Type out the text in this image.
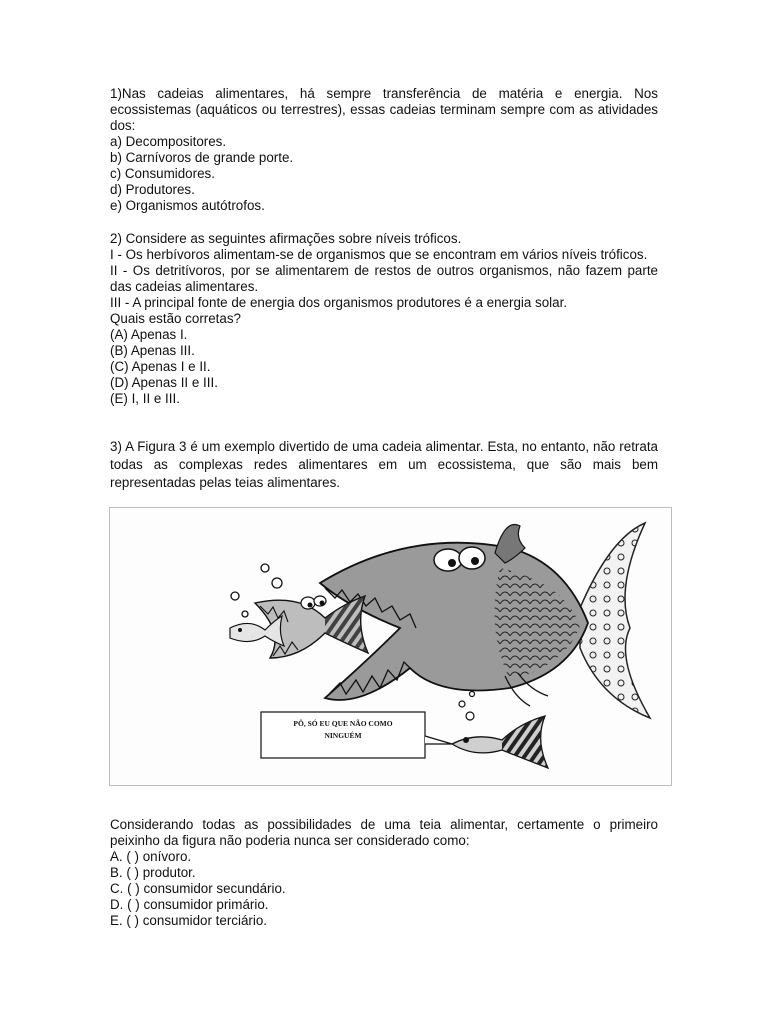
1)Nas cadeias alimentares, há sempre transferência de matéria e energia. Nos ecossistemas (aquáticos ou terrestres), essas cadeias terminam sempre com as atividades dos:

a) Decompositores.

b) Carnívoros de grande porte.

c) Consumidores.

d) Produtores.

e) Organismos autótrofos.

2) Considere as seguintes afirmações sobre níveis tróficos.

I - Os herbívoros alimentam-se de organismos que se encontram em vários níveis tróficos.

II - Os detritívoros, por se alimentarem de restos de outros organismos, não fazem parte das cadeias alimentares.

III - A principal fonte de energia dos organismos produtores é a energia solar.

Quais estão corretas?

(A) Apenas I.

(B) Apenas III.

(C) Apenas I e II.

(D) Apenas II e III.

(E) I, II e III.

3) A Figura 3 é um exemplo divertido de uma cadeia alimentar. Esta, no entanto, não retrata todas as complexas redes alimentares em um ecossistema, que são mais bem representadas pelas teias alimentares.

PÔ, SÓ EU QUE NÃO COMO
NINGUÉM

Considerando todas as possibilidades de uma teia alimentar, certamente o primeiro peixinho da figura não poderia nunca ser considerado como:

A. ( ) onívoro.

B. ( ) produtor.

C. ( ) consumidor secundário.

D. ( ) consumidor primário.

E. ( ) consumidor terciário.
